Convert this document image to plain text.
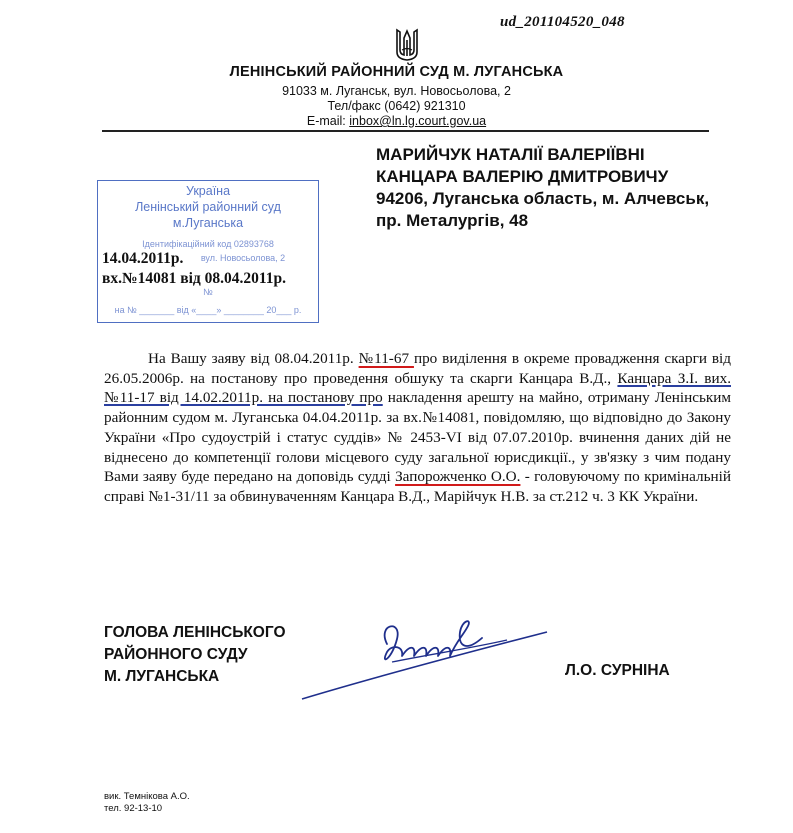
ud_201104520_048
ЛЕНІНСЬКИЙ РАЙОННИЙ СУД М. ЛУГАНСЬКА
91033 м. Луганськ, вул. Новосьолова, 2
Тел/факс (0642) 921310
E-mail: inbox@ln.lg.court.gov.ua
МАРИЙЧУК НАТАЛІЇ ВАЛЕРІЇВНІ
КАНЦАРА ВАЛЕРІЮ ДМИТРОВИЧУ
94206, Луганська область, м. Алчевськ,
пр. Металургів, 48
Україна
Ленінський районний суд
м.Луганська
Ідентифікаційний код 02893768
вул. Новосьолова, 2
№
на № _______ від «____» ________ 20___ р.
14.04.2011р.
вх.№14081 від 08.04.2011р.
На Вашу заяву від 08.04.2011р. №11-67 про виділення в окреме провадження скарги від 26.05.2006р. на постанову про проведення обшуку та скарги Канцара В.Д., Канцара З.І. вих.№11-17 від 14.02.2011р. на постанову про накладення арешту на майно, отриману Ленінським районним судом м. Луганська 04.04.2011р. за вх.№14081, повідомляю, що відповідно до Закону України «Про судоустрій і статус суддів» № 2453-VI від 07.07.2010р. вчинення даних дій не віднесено до компетенції голови місцевого суду загальної юрисдикції., у зв'язку з чим подану Вами заяву буде передано на доповідь судді Запорожченко О.О. - головуючому по кримінальній справі №1-31/11 за обвинуваченням Канцара В.Д., Марійчук Н.В. за ст.212 ч. 3 КК України.
ГОЛОВА ЛЕНІНСЬКОГО
РАЙОННОГО СУДУ
М. ЛУГАНСЬКА	Л.О. СУРНІНА
вик. Темнікова А.О.
тел. 92-13-10
